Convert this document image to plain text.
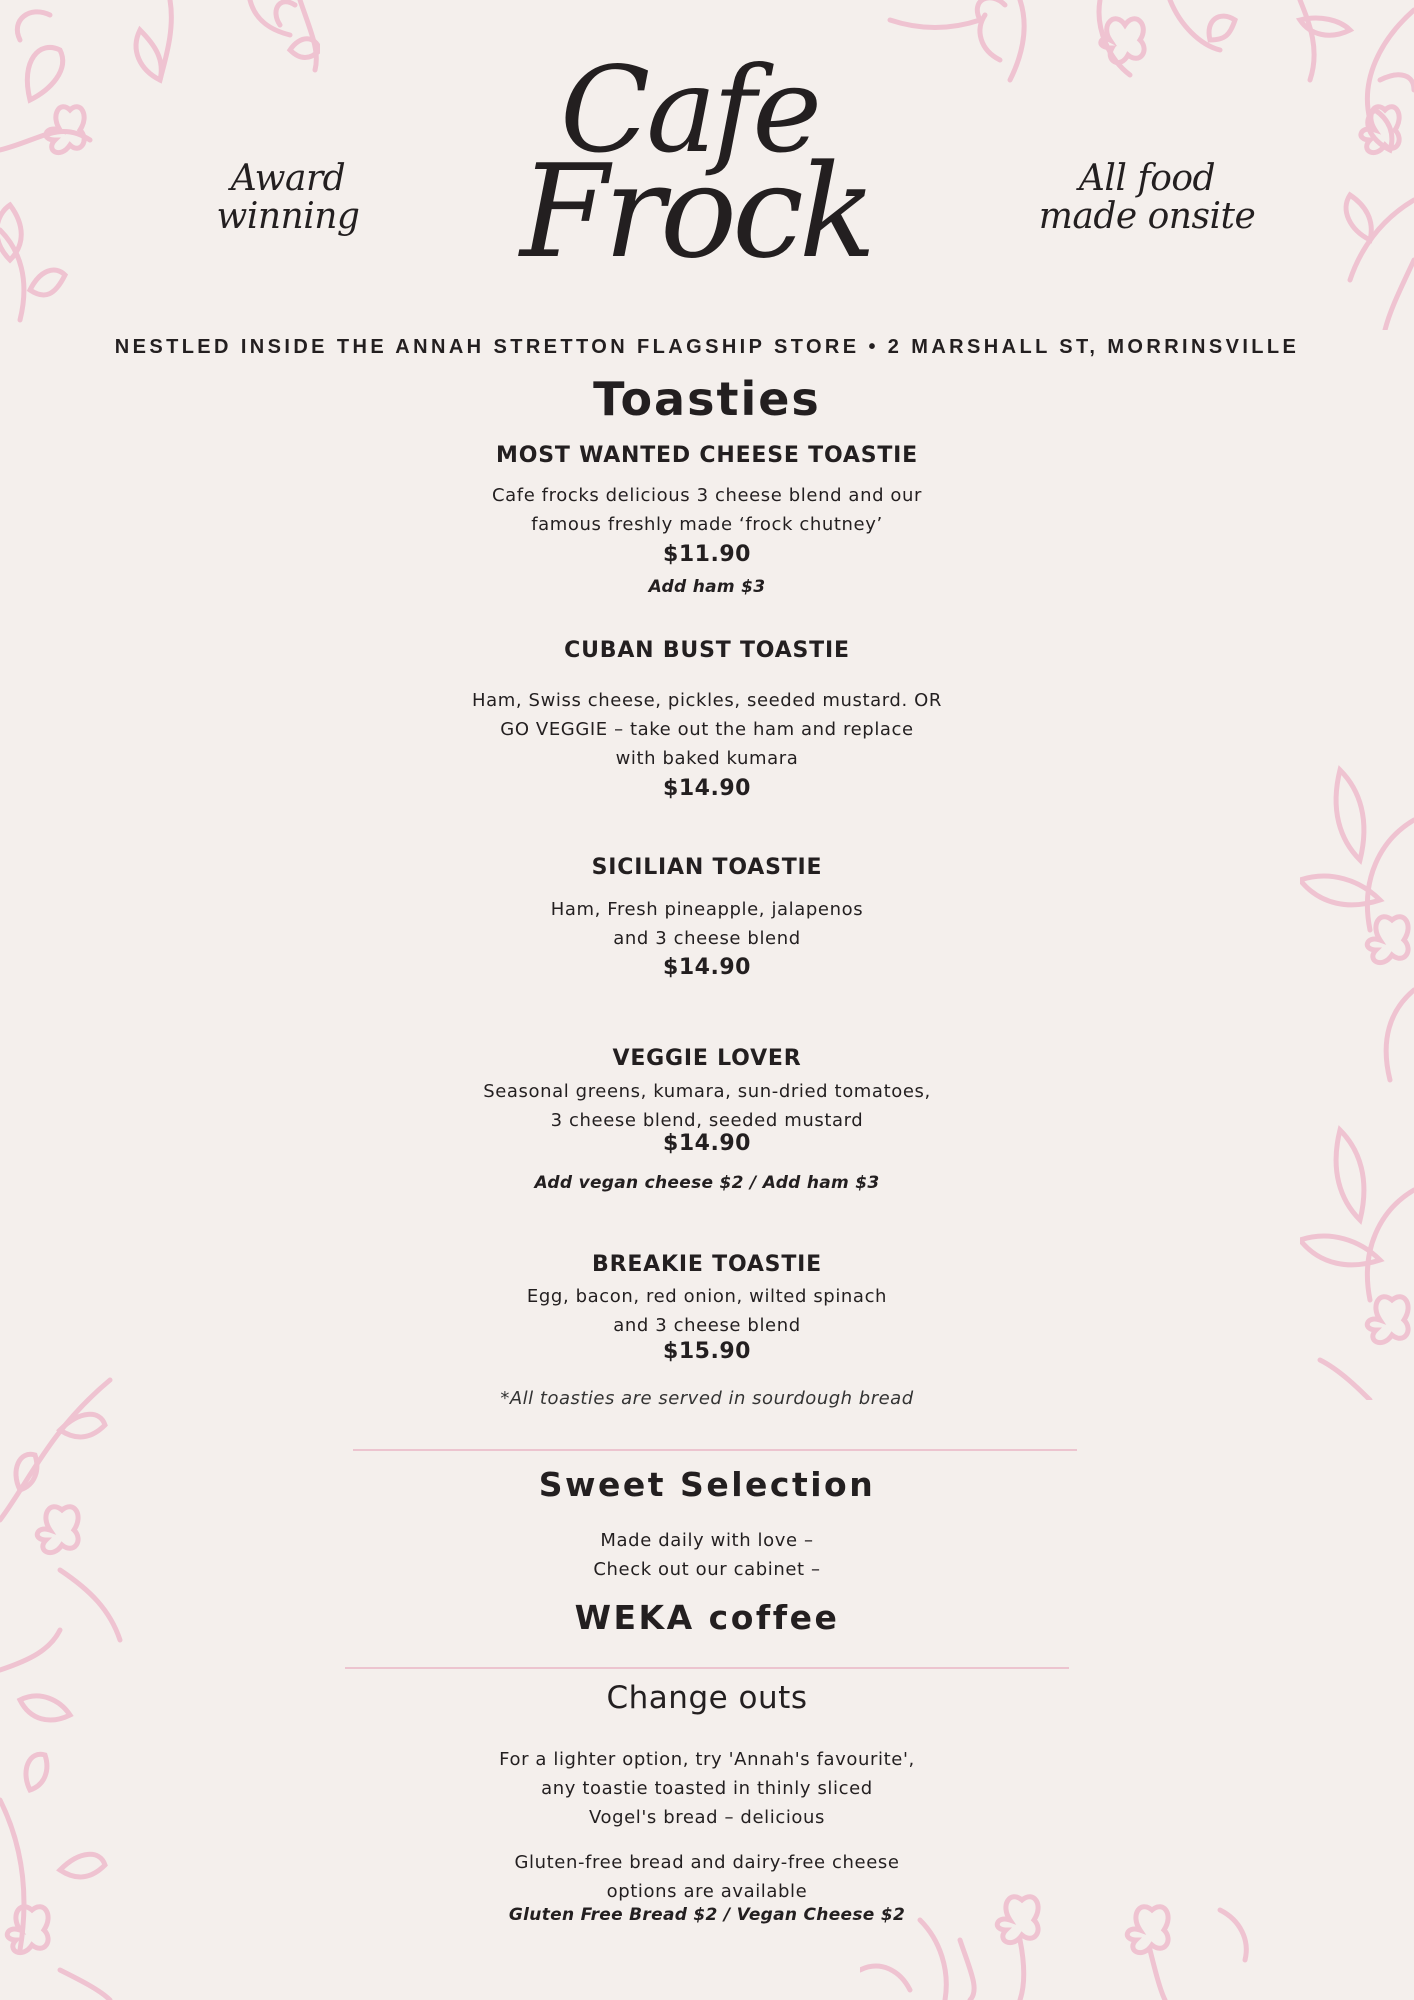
Award
winning
All food
made onsite
Cafe
Frock
NESTLED INSIDE THE ANNAH STRETTON FLAGSHIP STORE • 2 MARSHALL ST, MORRINSVILLE
Toasties
MOST WANTED CHEESE TOASTIE
Cafe frocks delicious 3 cheese blend and our
famous freshly made ‘frock chutney’
$11.90
Add ham $3
CUBAN BUST TOASTIE
Ham, Swiss cheese, pickles, seeded mustard. OR
GO VEGGIE – take out the ham and replace
with baked kumara
$14.90
SICILIAN TOASTIE
Ham, Fresh pineapple, jalapenos
and 3 cheese blend
$14.90
VEGGIE LOVER
Seasonal greens, kumara, sun-dried tomatoes,
3 cheese blend, seeded mustard
$14.90
Add vegan cheese $2 / Add ham $3
BREAKIE TOASTIE
Egg, bacon, red onion, wilted spinach
and 3 cheese blend
$15.90
*All toasties are served in sourdough bread
Sweet Selection
Made daily with love –
Check out our cabinet –
WEKA coffee
Change outs
For a lighter option, try 'Annah's favourite',
any toastie toasted in thinly sliced
Vogel's bread – delicious
Gluten-free bread and dairy-free cheese
options are available
Gluten Free Bread $2 / Vegan Cheese $2
